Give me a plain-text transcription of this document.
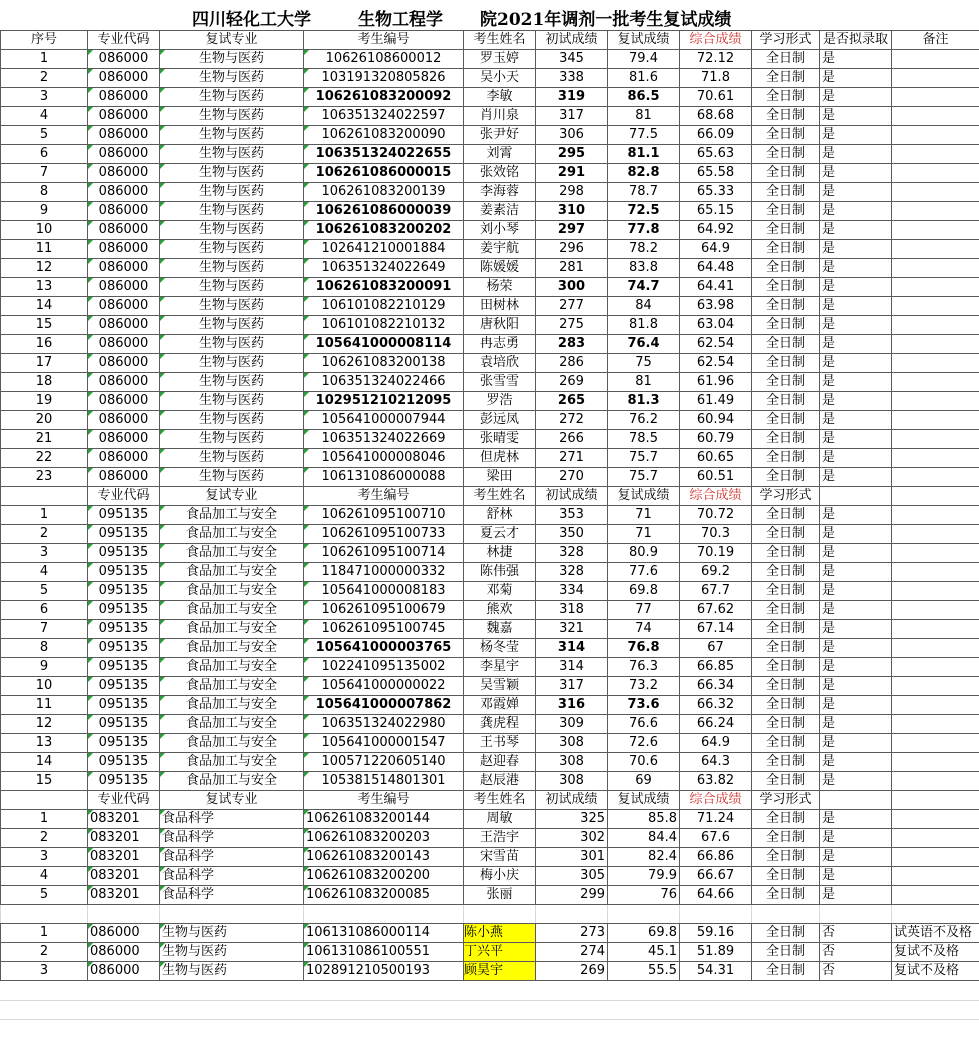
四川轻化工大学	生物工程学 院2021年调剂一批考生复试成绩
序号	专业代码	复试专业	考生编号	考生姓名	初试成绩	复试成绩	综合成绩	学习形式	是否拟录取	备注
1	086000	生物与医药	10626108600012	罗玉婷	345	79.4	72.12	全日制	是	
2	086000	生物与医药	103191320805826	吴小天	338	81.6	71.8	全日制	是	
3	086000	生物与医药	106261083200092	李敏	319	86.5	70.61	全日制	是	
4	086000	生物与医药	106351324022597	肖川泉	317	81	68.68	全日制	是	
5	086000	生物与医药	106261083200090	张尹好	306	77.5	66.09	全日制	是	
6	086000	生物与医药	106351324022655	刘霄	295	81.1	65.63	全日制	是	
7	086000	生物与医药	106261086000015	张效铭	291	82.8	65.58	全日制	是	
8	086000	生物与医药	106261083200139	李海蓉	298	78.7	65.33	全日制	是	
9	086000	生物与医药	106261086000039	姜素洁	310	72.5	65.15	全日制	是	
10	086000	生物与医药	106261083200202	刘小琴	297	77.8	64.92	全日制	是	
11	086000	生物与医药	102641210001884	姜宇航	296	78.2	64.9	全日制	是	
12	086000	生物与医药	106351324022649	陈媛媛	281	83.8	64.48	全日制	是	
13	086000	生物与医药	106261083200091	杨荣	300	74.7	64.41	全日制	是	
14	086000	生物与医药	106101082210129	田树林	277	84	63.98	全日制	是	
15	086000	生物与医药	106101082210132	唐秋阳	275	81.8	63.04	全日制	是	
16	086000	生物与医药	105641000008114	冉志勇	283	76.4	62.54	全日制	是	
17	086000	生物与医药	106261083200138	袁培欣	286	75	62.54	全日制	是	
18	086000	生物与医药	106351324022466	张雪雪	269	81	61.96	全日制	是	
19	086000	生物与医药	102951210212095	罗浩	265	81.3	61.49	全日制	是	
20	086000	生物与医药	105641000007944	彭远凤	272	76.2	60.94	全日制	是	
21	086000	生物与医药	106351324022669	张晴雯	266	78.5	60.79	全日制	是	
22	086000	生物与医药	105641000008046	但虎林	271	75.7	60.65	全日制	是	
23	086000	生物与医药	106131086000088	梁田	270	75.7	60.51	全日制	是	
	专业代码	复试专业	考生编号	考生姓名	初试成绩	复试成绩	综合成绩	学习形式		
1	095135	食品加工与安全	106261095100710	舒林	353	71	70.72	全日制	是	
2	095135	食品加工与安全	106261095100733	夏云才	350	71	70.3	全日制	是	
3	095135	食品加工与安全	106261095100714	林捷	328	80.9	70.19	全日制	是	
4	095135	食品加工与安全	118471000000332	陈伟强	328	77.6	69.2	全日制	是	
5	095135	食品加工与安全	105641000008183	邓菊	334	69.8	67.7	全日制	是	
6	095135	食品加工与安全	106261095100679	熊欢	318	77	67.62	全日制	是	
7	095135	食品加工与安全	106261095100745	魏嘉	321	74	67.14	全日制	是	
8	095135	食品加工与安全	105641000003765	杨冬莹	314	76.8	67	全日制	是	
9	095135	食品加工与安全	102241095135002	李星宇	314	76.3	66.85	全日制	是	
10	095135	食品加工与安全	105641000000022	吴雪颖	317	73.2	66.34	全日制	是	
11	095135	食品加工与安全	105641000007862	邓霞婵	316	73.6	66.32	全日制	是	
12	095135	食品加工与安全	106351324022980	龚虎程	309	76.6	66.24	全日制	是	
13	095135	食品加工与安全	105641000001547	王书琴	308	72.6	64.9	全日制	是	
14	095135	食品加工与安全	100571220605140	赵迎春	308	70.6	64.3	全日制	是	
15	095135	食品加工与安全	105381514801301	赵辰港	308	69	63.82	全日制	是	
	专业代码	复试专业	考生编号	考生姓名	初试成绩	复试成绩	综合成绩	学习形式		
1	083201	食品科学	106261083200144	周敏	325	85.8	71.24	全日制	是	
2	083201	食品科学	106261083200203	王浩宇	302	84.4	67.6	全日制	是	
3	083201	食品科学	106261083200143	宋雪苗	301	82.4	66.86	全日制	是	
4	083201	食品科学	106261083200200	梅小庆	305	79.9	66.67	全日制	是	
5	083201	食品科学	106261083200085	张丽	299	76	64.66	全日制	是	

1	086000	生物与医药	106131086000114	陈小燕	273	69.8	59.16	全日制	否	试英语不及格
2	086000	生物与医药	106131086100551	丁兴平	274	45.1	51.89	全日制	否	复试不及格
3	086000	生物与医药	102891210500193	顾昊宇	269	55.5	54.31	全日制	否	复试不及格
